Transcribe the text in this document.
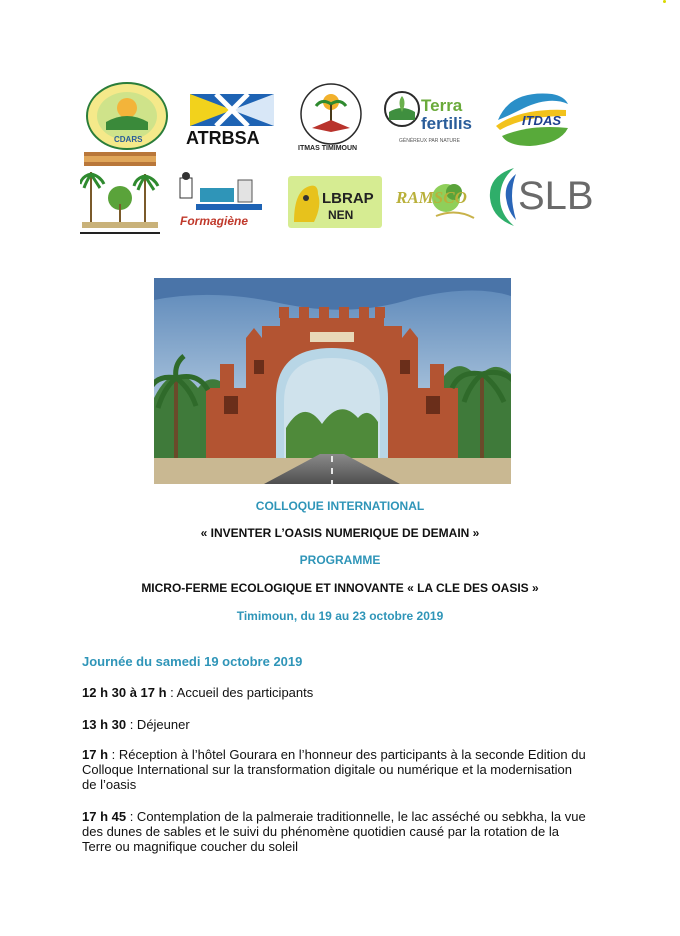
CDARS ATRBSA
ITMAS TIMIMOUN
Terra
fertilis
GÉNÉREUX PAR NATURE
ITDAS
Formagiène
LBRAP
NEN
RAMSCO SLB
COLLOQUE INTERNATIONAL
« INVENTER L’OASIS NUMERIQUE DE DEMAIN »
PROGRAMME
MICRO-FERME ECOLOGIQUE ET INNOVANTE « LA CLE DES OASIS »
Timimoun, du 19 au 23 octobre 2019
Journée du samedi 19 octobre 2019
12 h 30 à 17 h : Accueil des participants
13 h 30 : Déjeuner
17 h : Réception à l’hôtel Gourara en l’honneur des participants à la seconde Edition du Colloque International sur la transformation digitale ou numérique et la modernisation de l’oasis
17 h 45 : Contemplation de la palmeraie traditionnelle, le lac asséché ou sebkha, la vue des dunes de sables et le suivi du phénomène quotidien causé par la rotation de la Terre ou magnifique coucher du soleil
